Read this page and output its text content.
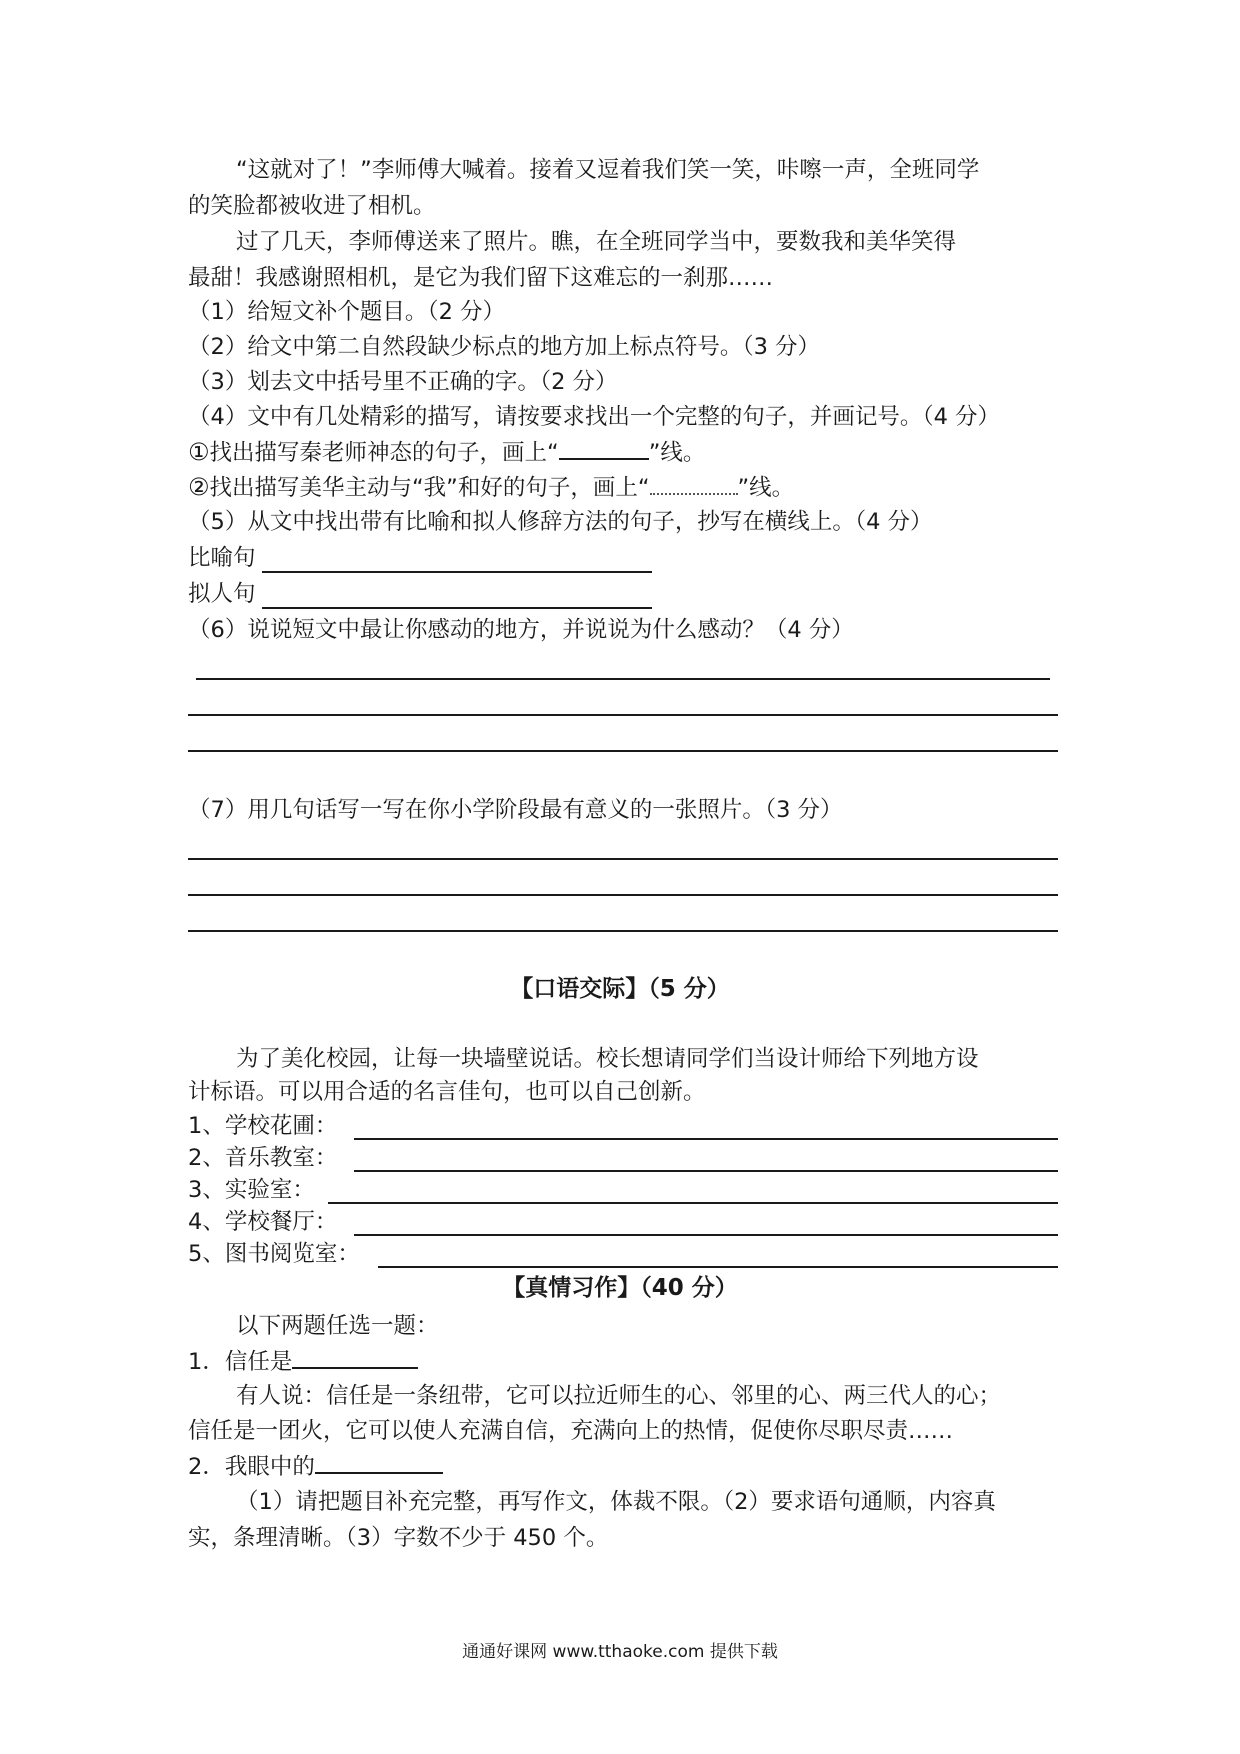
“这就对了！”李师傅大喊着。接着又逗着我们笑一笑，咔嚓一声，全班同学
的笑脸都被收进了相机。
过了几天，李师傅送来了照片。瞧，在全班同学当中，要数我和美华笑得
最甜！我感谢照相机，是它为我们留下这难忘的一刹那……
（1）给短文补个题目。（2 分）
（2）给文中第二自然段缺少标点的地方加上标点符号。（3 分）
（3）划去文中括号里不正确的字。（2 分）
（4）文中有几处精彩的描写，请按要求找出一个完整的句子，并画记号。（4 分）
①找出描写秦老师神态的句子，画上“	”线。
②找出描写美华主动与“我”和好的句子，画上“	”线。
（5）从文中找出带有比喻和拟人修辞方法的句子，抄写在横线上。（4 分）
比喻句
拟人句
（6）说说短文中最让你感动的地方，并说说为什么感动？（4 分）
（7）用几句话写一写在你小学阶段最有意义的一张照片。（3 分）
【口语交际】（5 分）
为了美化校园，让每一块墙壁说话。校长想请同学们当设计师给下列地方设
计标语。可以用合适的名言佳句，也可以自己创新。
1、学校花圃：
2、音乐教室：
3、实验室：
4、学校餐厅：
5、图书阅览室：
【真情习作】（40 分）
以下两题任选一题：
1．信任是
有人说：信任是一条纽带，它可以拉近师生的心、邻里的心、两三代人的心；
信任是一团火，它可以使人充满自信，充满向上的热情，促使你尽职尽责……
2．我眼中的
（1）请把题目补充完整，再写作文，体裁不限。（2）要求语句通顺，内容真
实，条理清晰。（3）字数不少于 450 个。
通通好课网 www.tthaoke.com 提供下载
